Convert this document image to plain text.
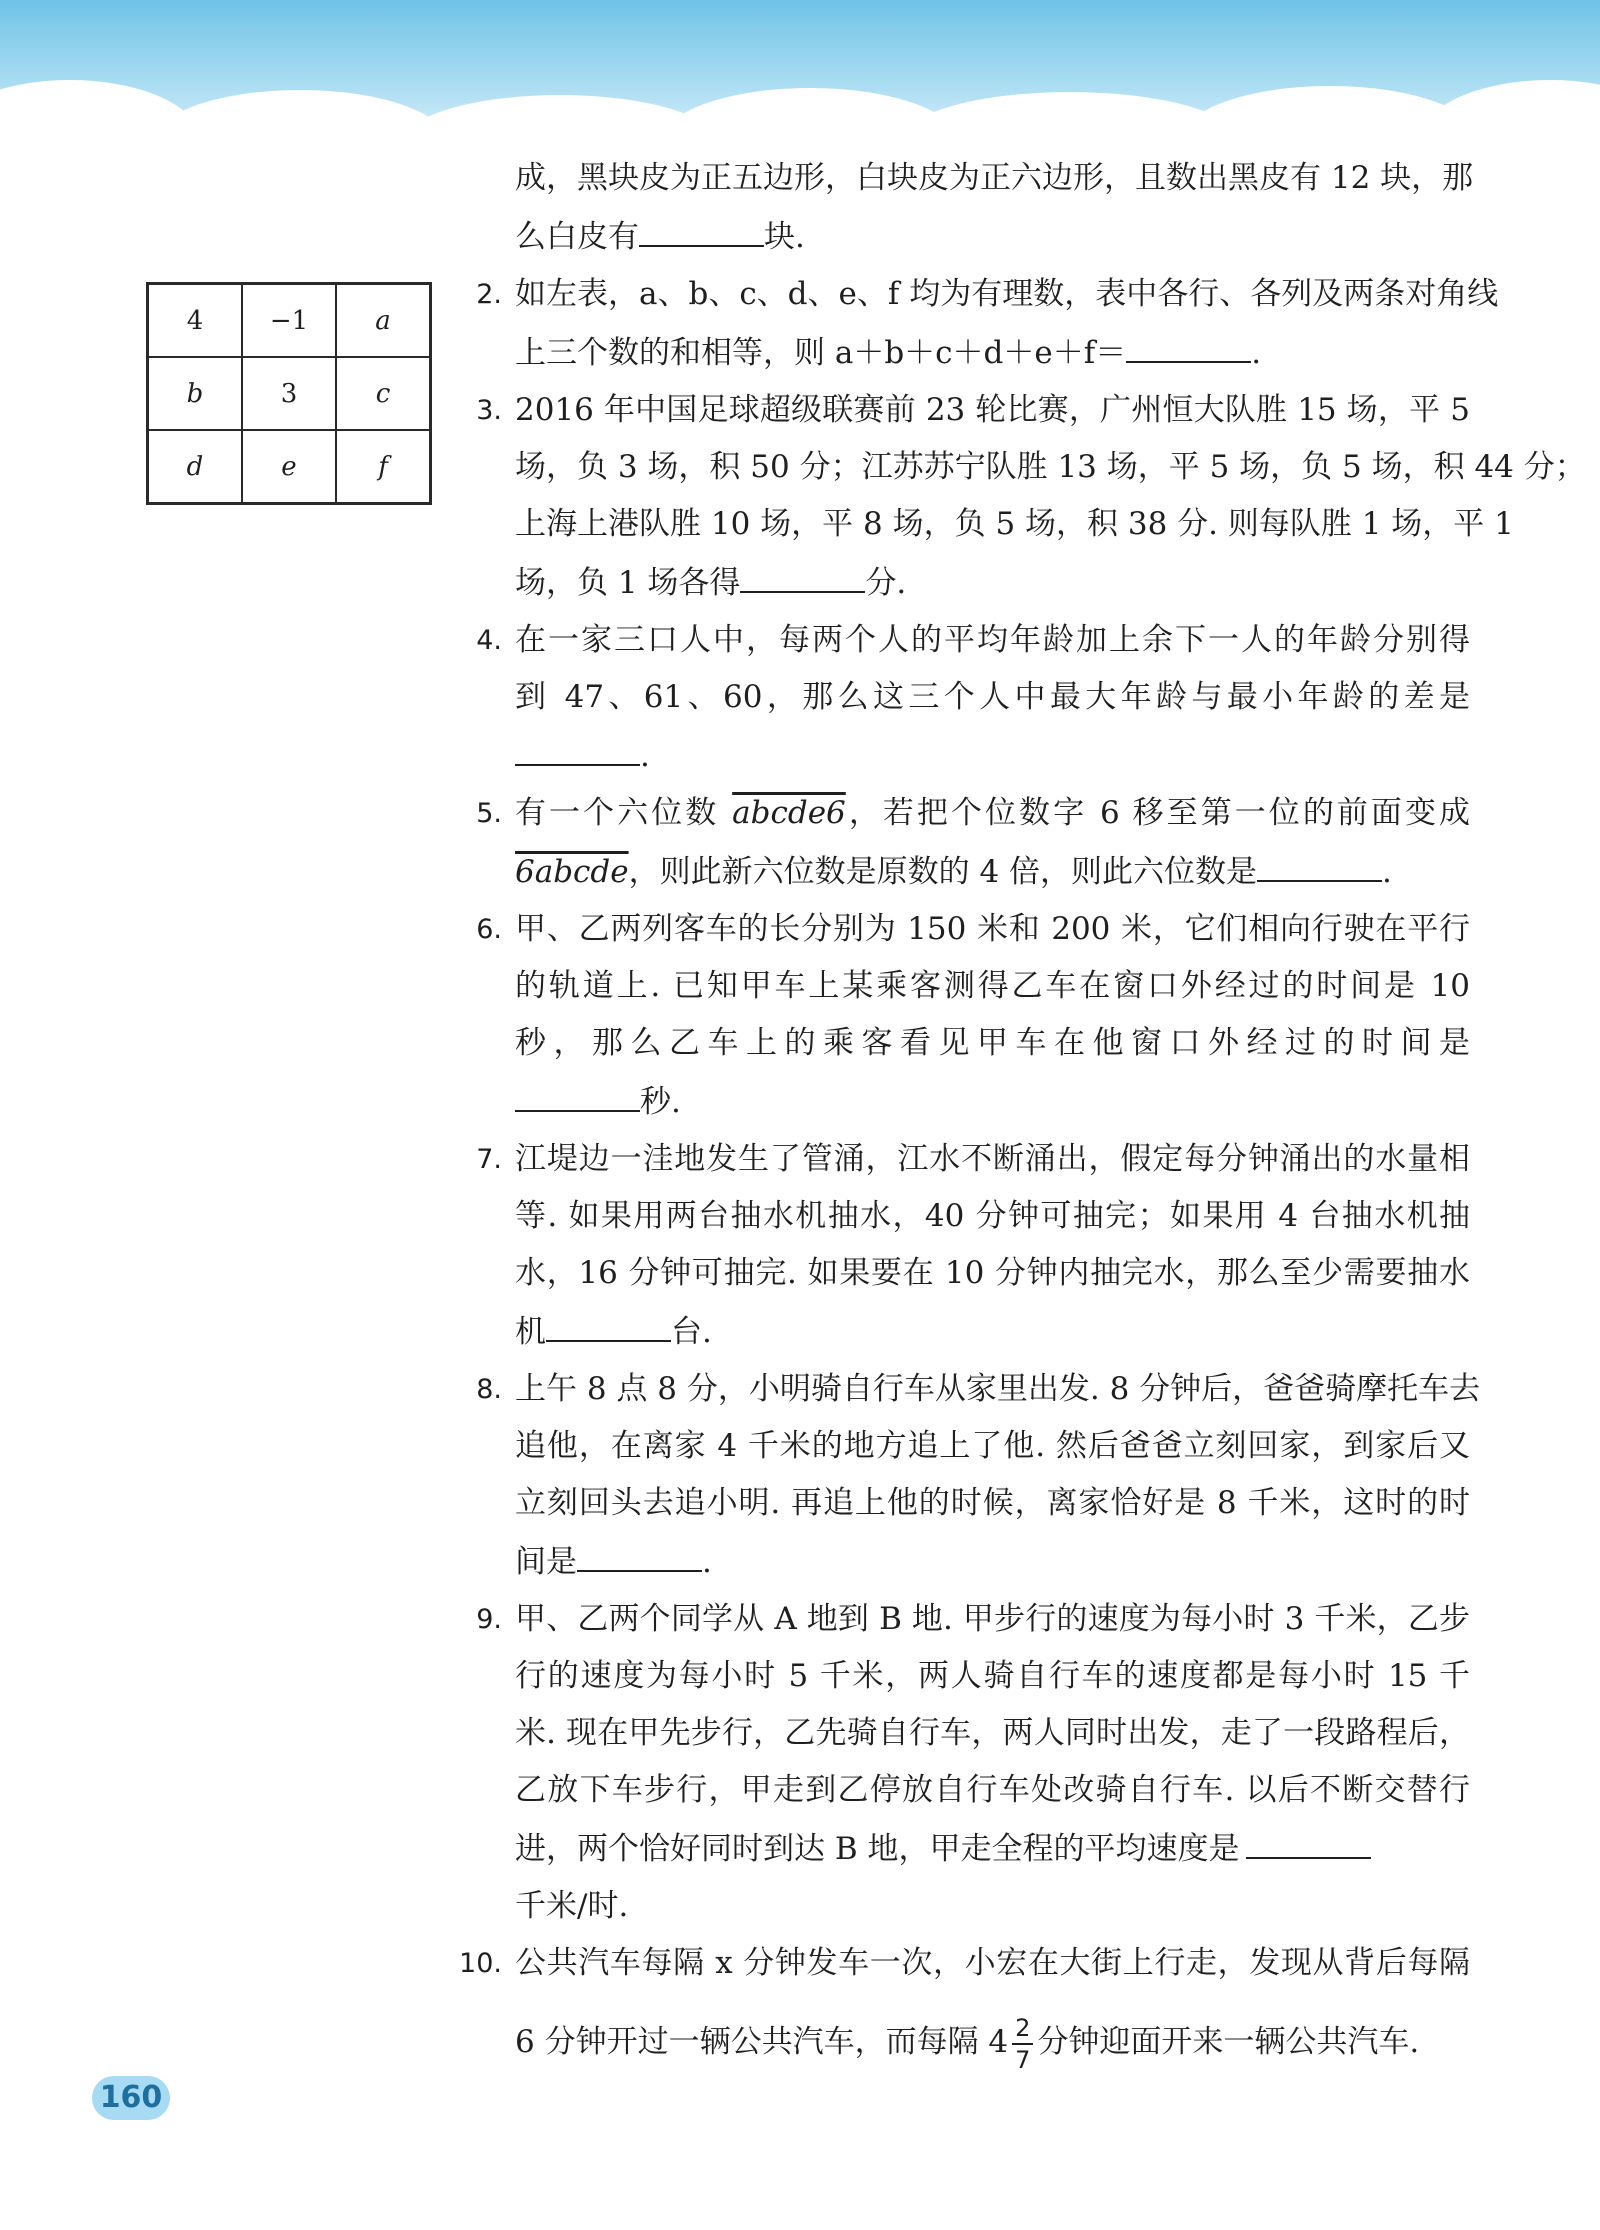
4	−1	a
b	3	c
d	e	f
成，黑块皮为正五边形，白块皮为正六边形，且数出黑皮有 12 块，那
么白皮有	块.
2. 如左表，a、b、c、d、e、f 均为有理数，表中各行、各列及两条对角线
上三个数的和相等，则 a＋b＋c＋d＋e＋f＝	.
3. 2016 年中国足球超级联赛前 23 轮比赛，广州恒大队胜 15 场，平 5
场，负 3 场，积 50 分；江苏苏宁队胜 13 场，平 5 场，负 5 场，积 44 分；
上海上港队胜 10 场，平 8 场，负 5 场，积 38 分. 则每队胜 1 场，平 1
场，负 1 场各得	分.
4. 在一家三口人中，每两个人的平均年龄加上余下一人的年龄分别得
到 47、61、60，那么这三个人中最大年龄与最小年龄的差是
.
5. 有一个六位数 abcde6，若把个位数字 6 移至第一位的前面变成
6abcde，则此新六位数是原数的 4 倍，则此六位数是	.
6. 甲、乙两列客车的长分别为 150 米和 200 米，它们相向行驶在平行
的轨道上. 已知甲车上某乘客测得乙车在窗口外经过的时间是 10
秒，那么乙车上的乘客看见甲车在他窗口外经过的时间是
秒.
7. 江堤边一洼地发生了管涌，江水不断涌出，假定每分钟涌出的水量相
等. 如果用两台抽水机抽水，40 分钟可抽完；如果用 4 台抽水机抽
水，16 分钟可抽完. 如果要在 10 分钟内抽完水，那么至少需要抽水
机	台.
8. 上午 8 点 8 分，小明骑自行车从家里出发. 8 分钟后，爸爸骑摩托车去
追他，在离家 4 千米的地方追上了他. 然后爸爸立刻回家，到家后又
立刻回头去追小明. 再追上他的时候，离家恰好是 8 千米，这时的时
间是	.
9. 甲、乙两个同学从 A 地到 B 地. 甲步行的速度为每小时 3 千米，乙步
行的速度为每小时 5 千米，两人骑自行车的速度都是每小时 15 千
米. 现在甲先步行，乙先骑自行车，两人同时出发，走了一段路程后，
乙放下车步行，甲走到乙停放自行车处改骑自行车. 以后不断交替行
进，两个恰好同时到达 B 地，甲走全程的平均速度是
千米/时.
10. 公共汽车每隔 x 分钟发车一次，小宏在大街上行走，发现从背后每隔
6 分钟开过一辆公共汽车，而每隔 $4 \frac{2}{7}$ 分钟迎面开来一辆公共汽车.
160
